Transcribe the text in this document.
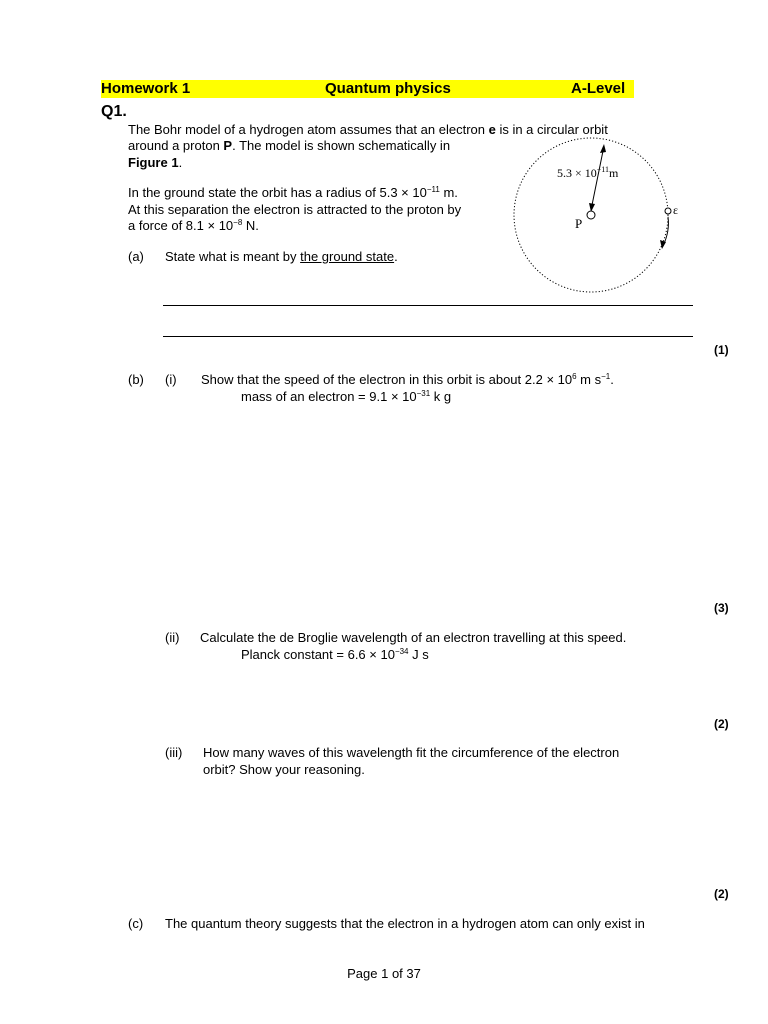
Homework 1	Quantum physics	A-Level
Q1.
The Bohr model of a hydrogen atom assumes that an electron e is in a circular orbit
around a proton P. The model is shown schematically in
Figure 1.
In the ground state the orbit has a radius of $5.3 \times 10^{-11}$ m.
At this separation the electron is attracted to the proton by
a force of $8.1 \times 10^{-8}$ N.	P
$5.3 \times 10^{-11}m$
ε
(a) State what is meant by the ground state.
(1)
(b) (i) Show that the speed of the electron in this orbit is about $2.2 \times 10^6$ m $s^{-1}$.
mass of an electron = $9.1 \times 10^{-31}$ k g
(3)
(ii) Calculate the de Broglie wavelength of an electron travelling at this speed.
Planck constant = $6.6 \times 10^{-34}$ J s
(2)
(iii) How many waves of this wavelength fit the circumference of the electron
orbit? Show your reasoning.
(2)
(c) The quantum theory suggests that the electron in a hydrogen atom can only exist in
Page 1 of 37
